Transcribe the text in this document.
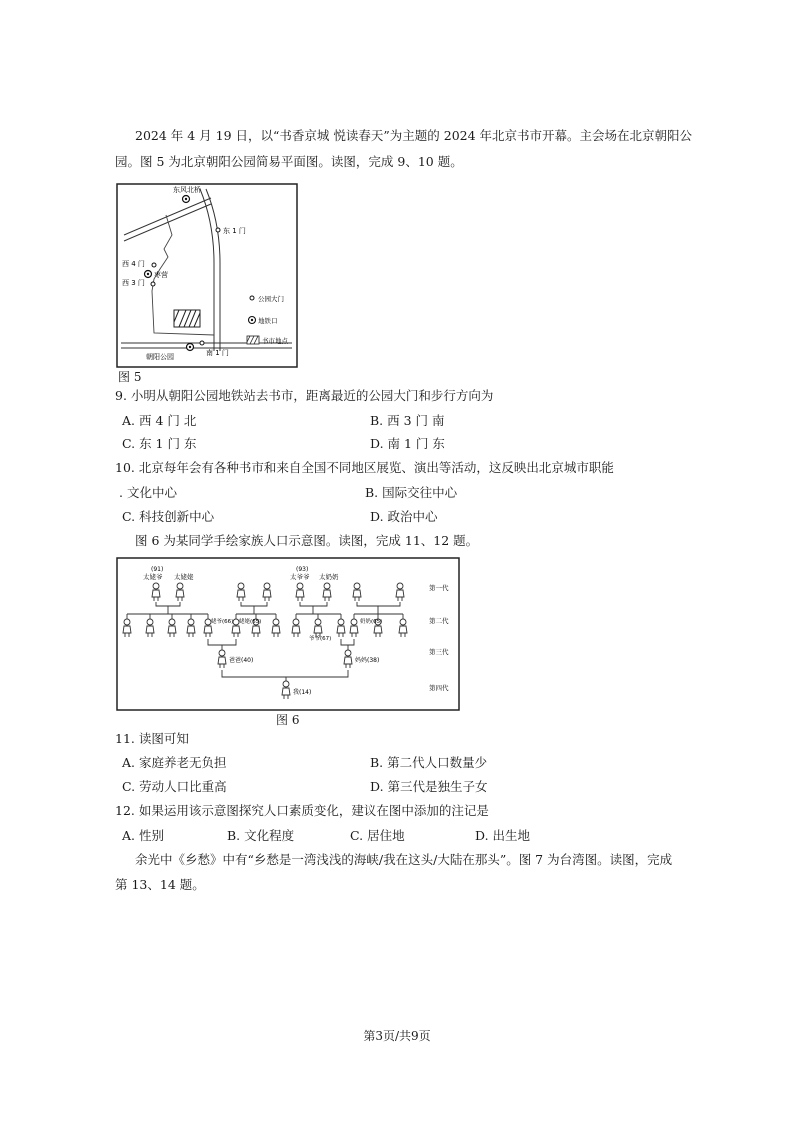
2024 年 4 月 19 日，以“书香京城 悦读春天”为主题的 2024 年北京书市开幕。主会场在北京朝阳公
园。图 5 为北京朝阳公园简易平面图。读图，完成 9、10 题。
东风北桥
东 1 门
西 4 门
枣营
西 3 门
南 1 门
朝阳公园
公园大门
地铁口
书市地点
图 5
9. 小明从朝阳公园地铁站去书市，距离最近的公园大门和步行方向为
A. 西 4 门 北	B. 西 3 门 南
C. 东 1 门 东	D. 南 1 门 东
10. 北京每年会有各种书市和来自全国不同地区展览、演出等活动，这反映出北京城市职能
. 文化中心	B. 国际交往中心
C. 科技创新中心	D. 政治中心
图 6 为某同学手绘家族人口示意图。读图，完成 11、12 题。
(91)
太姥爷 太姥姥
(93)
太爷爷 太奶奶
姥爷(66) 姥姥(65)
爷爷(67)
奶奶(65)
爸爸(40)	妈妈(38)
我(14)
第一代
第二代
第三代
第四代
图 6
11. 读图可知
A. 家庭养老无负担	B. 第二代人口数量少
C. 劳动人口比重高	D. 第三代是独生子女
12. 如果运用该示意图探究人口素质变化，建议在图中添加的注记是
A. 性别	B. 文化程度	C. 居住地	D. 出生地
余光中《乡愁》中有“乡愁是一湾浅浅的海峡/我在这头/大陆在那头”。图 7 为台湾图。读图，完成
第 13、14 题。
第3页/共9页
